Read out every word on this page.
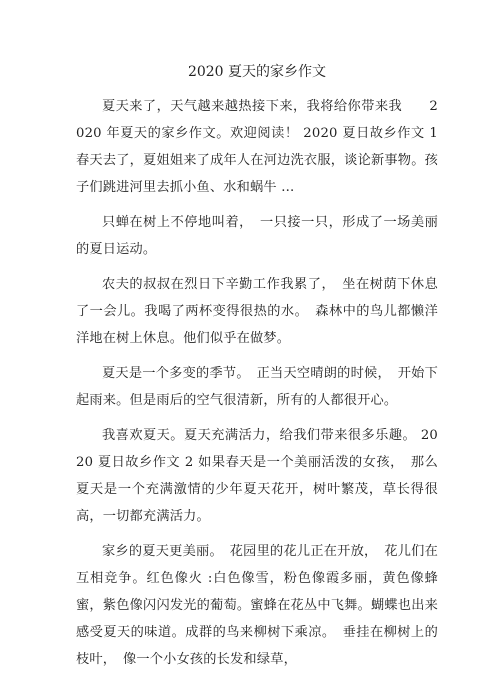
2020 夏天的家乡作文

夏天来了，天气越来越热接下来，我将给你带来我　　2020 年夏天的家乡作文。欢迎阅读！ 2020 夏日故乡作文 1 春天去了，夏姐姐来了成年人在河边洗衣服，谈论新事物。孩子们跳进河里去抓小鱼、水和蜗牛 ...

只蝉在树上不停地叫着，　一只接一只，形成了一场美丽的夏日运动。

农夫的叔叔在烈日下辛勤工作我累了，　坐在树荫下休息了一会儿。我喝了两杯变得很热的水。　森林中的鸟儿都懒洋洋地在树上休息。他们似乎在做梦。

夏天是一个多变的季节。　正当天空晴朗的时候，　开始下起雨来。但是雨后的空气很清新，所有的人都很开心。

我喜欢夏天。夏天充满活力，给我们带来很多乐趣。 2020 夏日故乡作文 2 如果春天是一个美丽活泼的女孩，　那么夏天是一个充满激情的少年夏天花开，树叶繁茂，草长得很高，一切都充满活力。

家乡的夏天更美丽。　花园里的花儿正在开放，　花儿们在互相竞争。红色像火 :白色像雪，粉色像霞多丽，黄色像蜂蜜，紫色像闪闪发光的葡萄。蜜蜂在花丛中飞舞。蝴蝶也出来感受夏天的味道。成群的鸟来柳树下乘凉。　垂挂在柳树上的枝叶，　像一个小女孩的长发和绿草，
